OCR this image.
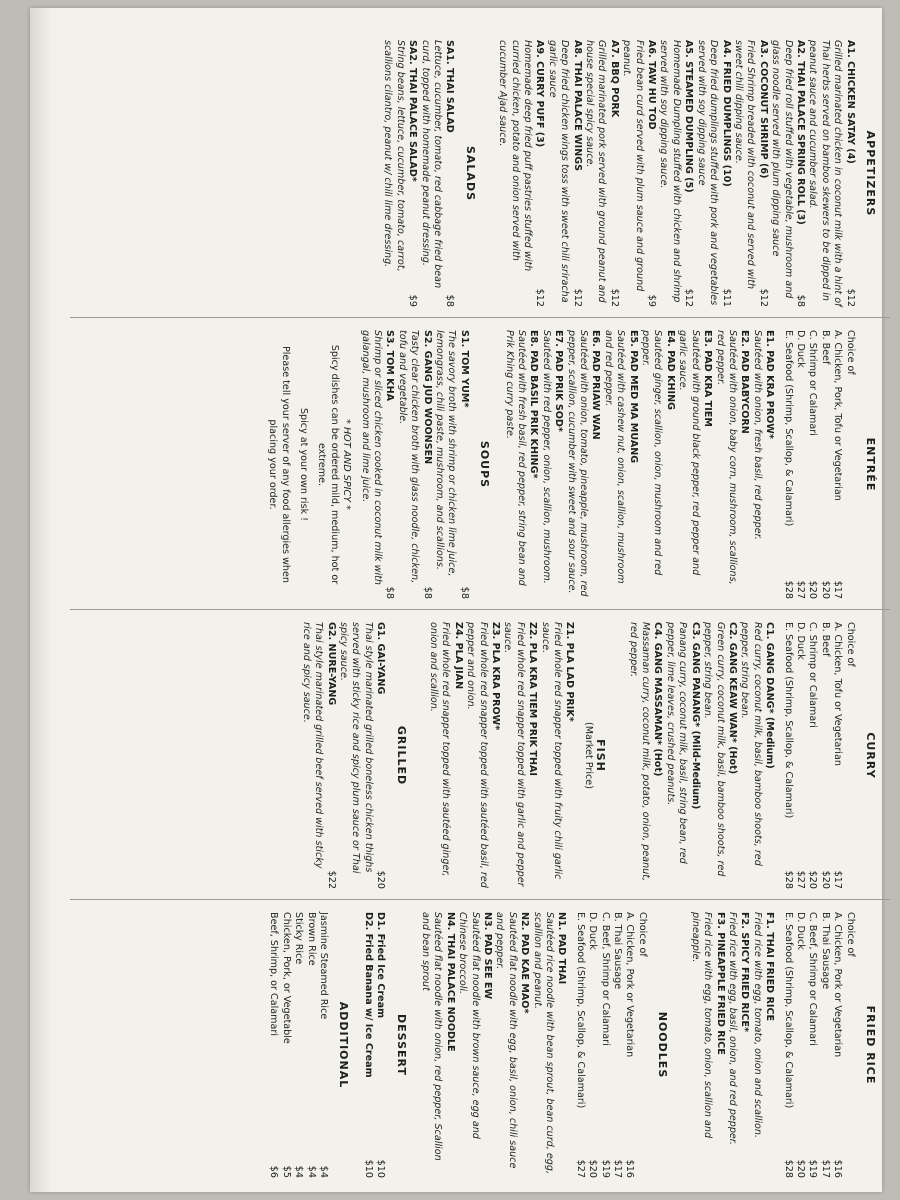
APPETIZERS
A1. CHICKEN SATAY (4)
$12
Grilled marinated chicken in coconut milk with a hint of Thai herbs served on bamboo skewers to be dipped in peanut sauce and cucumber salad.
A2. THAI PALACE SPRING ROLL (3)
$8
Deep fried roll stuffed with vegetable, mushroom and glass noodle served with plum dipping sauce
A3. COCONUT SHRIMP (6)
$12
Fried Shrimp breaded with coconut and served with sweet chili dipping sauce.
A4. FRIED DUMPLINGS (10)
$11
Deep fried dumplings stuffed with pork and vegetables served with soy dipping sauce
A5. STEAMED DUMPLING (5)
$12
Homemade Dumpling stuffed with chicken and shrimp served with soy dipping sauce.
A6. TAW HU TOD
$9
Fried bean curd served with plum sauce and ground peanut.
A7. BBQ PORK
$12
Grilled marinated pork served with ground peanut and house special spicy sauce.
A8. THAI PALACE WINGS
$12
Deep fried chicken wings toss with sweet chili sriracha garlic sauce
A9. CURRY PUFF (3)
$12
Homemade deep fried puff pastries stuffed with curried chicken, potato and onion served with cucumber Ajad sauce.
SALADS
SA1. THAI SALAD
$8
Lettuce, cucumber, tomato, red cabbage fried bean curd, topped with homemade peanut dressing.
SA2. THAI PALACE SALAD*
$9
String beans, lettuce, cucumber, tomato, carrot, scallions cilantro, peanut w/ chili lime dressing.
ENTRÉE
Choice of
A. Chicken, Pork, Tofu or Vegetarian
$17
B. Beef
$20
C. Shrimp or Calamari
$20
D. Duck
$27
E. Seafood (Shrimp, Scallop, & Calamari)
$28
E1. PAD KRA PROW*
Sautéed with onion, fresh basil, red pepper.
E2. PAD BABYCORN
Sautéed with onion, baby corn, mushroom, scallions, red pepper.
E3. PAD KRA TIEM
Sautéed with ground black pepper, red pepper and garlic sauce.
E4. PAD KHING
Sautéed ginger, scallion, onion, mushroom and red pepper.
E5. PAD MED MA MUANG
Sautéed with cashew nut, onion, scallion, mushroom and red pepper.
E6. PAD PRIAW WAN
Sautéed with onion, tomato, pineapple, mushroom, red pepper, scallion, cucumber with sweet and sour sauce.
E7. PAD PRIK SOD*
Sautéed with red pepper, onion, scallion, mushroom.
E8. PAD BASIL PRIK KHING*
Sautéed with fresh basil, red pepper, string bean and Prik Khing curry paste.
SOUPS
S1. TOM YUM*
$8
The savory broth with shrimp or chicken lime juice, lemongrass, chili paste, mushroom, and scallions.
S2. GANG JUD WOONSEN
$8
Tasty clear chicken broth with glass noodle, chicken, tofu and vegetable.
S3. TOM KHA
$8
Shrimp or sliced chicken cooked in coconut milk with galangal, mushroom and lime juice.
* HOT AND SPICY *
Spicy dishes can be ordered mild, medium, hot or extreme.
Spicy at your own risk !
Please tell your server of any food allergies when placing your order.
CURRY
Choice of
A. Chicken, Tofu or Vegetarian
$17
B. Beef
$20
C. Shrimp or Calamari
$20
D. Duck
$27
E. Seafood (Shrimp, Scallop, & Calamari)
$28
C1. GANG DANG* (Medium)
Red curry, coconut milk, basil, bamboo shoots, red pepper, string bean.
C2. GANG KEAW WAN* (Hot)
Green curry, coconut milk, basil, bamboo shoots, red pepper, string bean.
C3. GANG PANANG* (Mild-Medium)
Panang curry, coconut milk, basil, string bean, red pepper, lime leaves, crushed peanuts.
C4. GANG MASSAMAN* (Hot)
Massaman curry, coconut milk, potato, onion, peanut, red pepper.
FISH
(Market Price)
Z1. PLA LAD PRIK*
Fried whole red snapper topped with fruity chili garlic sauce.
Z2. PLA KRA TIEM PRIK THAI
Fried whole red snapper topped with garlic and pepper sauce.
Z3. PLA KRA PROW*
Fried whole red snapper topped with sautéed basil, red pepper and onion.
Z4. PLA JIAN
Fried whole red snapper topped with sautéed ginger, onion and scallion.
GRILLED
G1. GAI-YANG
$20
Thai style marinated grilled boneless chicken thighs served with sticky rice and spicy plum sauce or Thai spicy sauce.
G2. NURE-YANG
$22
Thai style marinated grilled beef served with sticky rice and spicy sauce.
FRIED RICE
Choice of
A. Chicken, Pork or Vegetarian
$16
B. Thai Sausage
$17
C. Beef, Shrimp or Calamari
$19
D. Duck
$20
E. Seafood (Shrimp, Scallop, & Calamari)
$28
F1. THAI FRIED RICE
Fried rice with egg, tomato, onion and scallion.
F2. SPICY FRIED RICE*
Fried rice with egg, basil, onion, and red pepper.
F3. PINEAPPLE FRIED RICE
Fried rice with egg, tomato, onion, scallion and pineapple.
NOODLES
Choice of
A. Chicken, Pork or Vegetarian
$16
B. Thai Sausage
$17
C. Beef, Shrimp or Calamari
$19
D. Duck
$20
E. Seafood (Shrimp, Scallop, & Calamari)
$27
N1. PAD THAI
Sautéed rice noodle with bean sprout, bean curd, egg, scallion and peanut.
N2. PAD KAE MAO*
Sautéed flat noodle with egg, basil, onion, chili sauce and pepper.
N3. PAD SEE EW
Sautéed flat noodle with brown sauce, egg and Chinese broccoli.
N4. THAI PALACE NOODLE
Sautéed flat noodle with onion, red pepper, Scallion and bean sprout
DESSERT
D1. Fried Ice Cream
$10
D2. Fried Banana w/ Ice Cream
$10
ADDITIONAL
Jasmine Steamed Rice
$4
Brown Rice
$4
Sticky Rice
$4
Chicken, Pork, or Vegetable
$5
Beef, Shrimp, or Calamari
$6
